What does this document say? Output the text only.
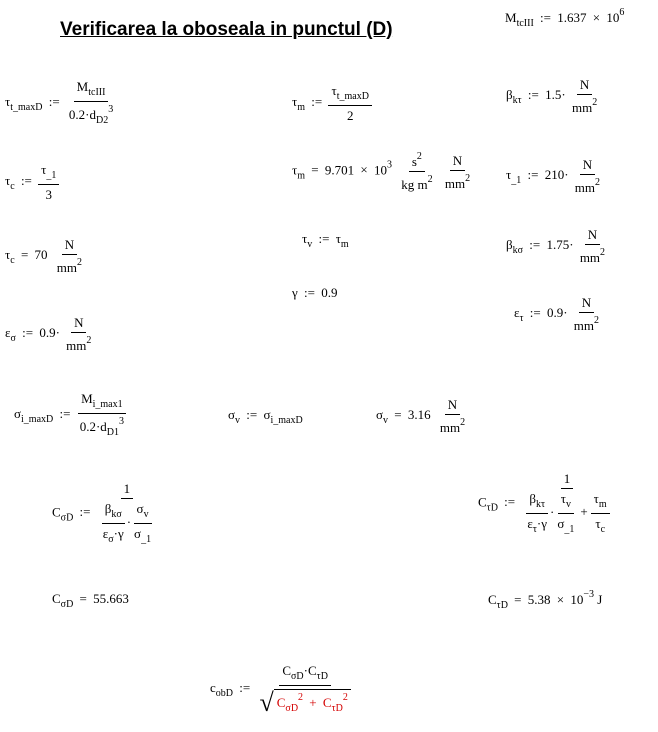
Verificarea la oboseala in punctul (D)
$M_{tcIII}$ := $1.637 \times 10^6$
$\tau_{t\_maxD}$ := $\frac{M_{tcIII}}{0.2\cdot d_{D2}^3}$	$\tau_m$ := $\frac{\tau_{t\_maxD}}{2}$	$\beta_{k\tau}$ := $1.5\cdot \frac{N}{mm^2}$
$\tau_c$ := $\frac{\tau_{\_1}}{3}$	$\tau_m = 9.701 \times 10^3 \frac{s^2}{kg m^2}$
$\frac{N}{mm^2}$	$\tau_{\_1}$ := $210\cdot \frac{N}{mm^2}$
$\tau_v$ := $\tau_m$
$\tau_c = 70 \frac{N}{mm^2}$	$\beta_{k\sigma}$ := $1.75\cdot \frac{N}{mm^2}$
γ := 0.9
$\varepsilon_\tau$ := $0.9\cdot \frac{N}{mm^2}$
$\varepsilon_\sigma$ := $0.9\cdot \frac{N}{mm^2}$
$\sigma_{i\_maxD}$ := $\frac{M_{i\_max1}}{0.2\cdot d_{D1}^3}$	$\sigma_v$ := $\sigma_{i\_maxD}$	$\sigma_v = 3.16 \frac{N}{mm^2}$
$C_{\sigma D}$ := $\frac{1}{\frac{\beta_{k\sigma}}{\varepsilon_\sigma\cdot\gamma} \cdot \frac{\sigma_v}{\sigma_{\_1}}}$	$C_{\tau D}$ :=
1
$\frac{\beta_{k\tau}}{\varepsilon_\tau\cdot\gamma} \cdot \frac{\tau_v}{\sigma_{\_1}} + \frac{\tau_m}{\tau_c}$
$C_{\sigma D} = 55.663$	$C_{\tau D} = 5.38 \times 10^{-3}$ J
$c_{obD}$ := $\frac{C_{\sigma D}\cdot C_{\tau D}}{√ C_{\sigma D}^2 + C_{\tau D}^2}$
